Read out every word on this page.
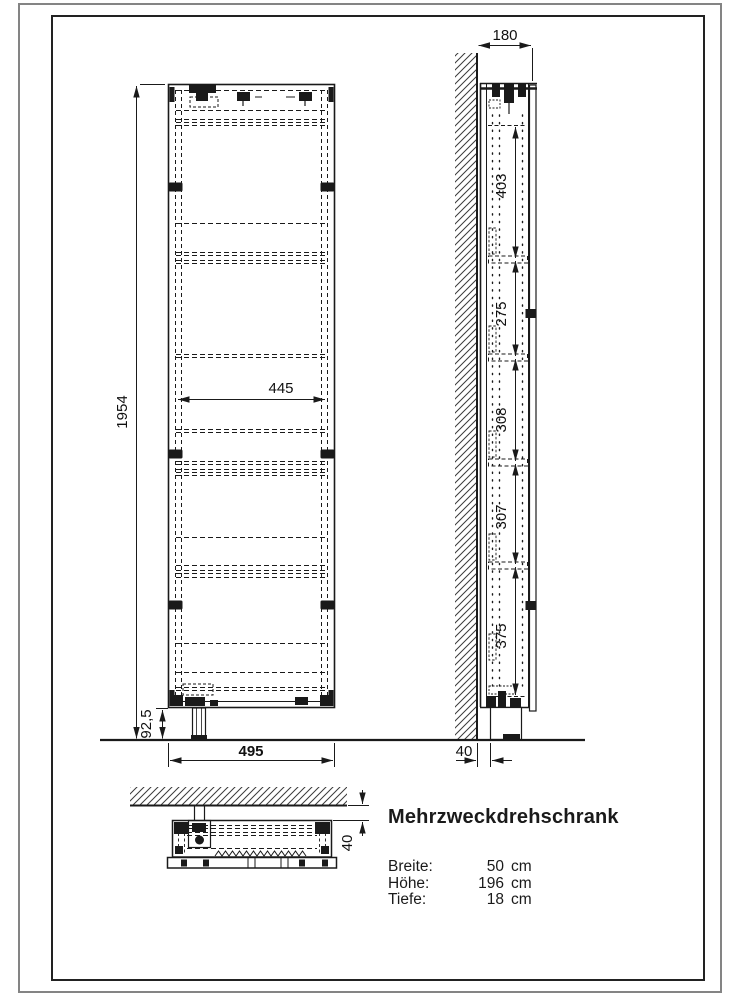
1954
445
92,5
495
180
403
275
308
307
375
40
40
Mehrzweckdrehschrank
Breite:	50 cm
Höhe:	196 cm
Tiefe:	18 cm
